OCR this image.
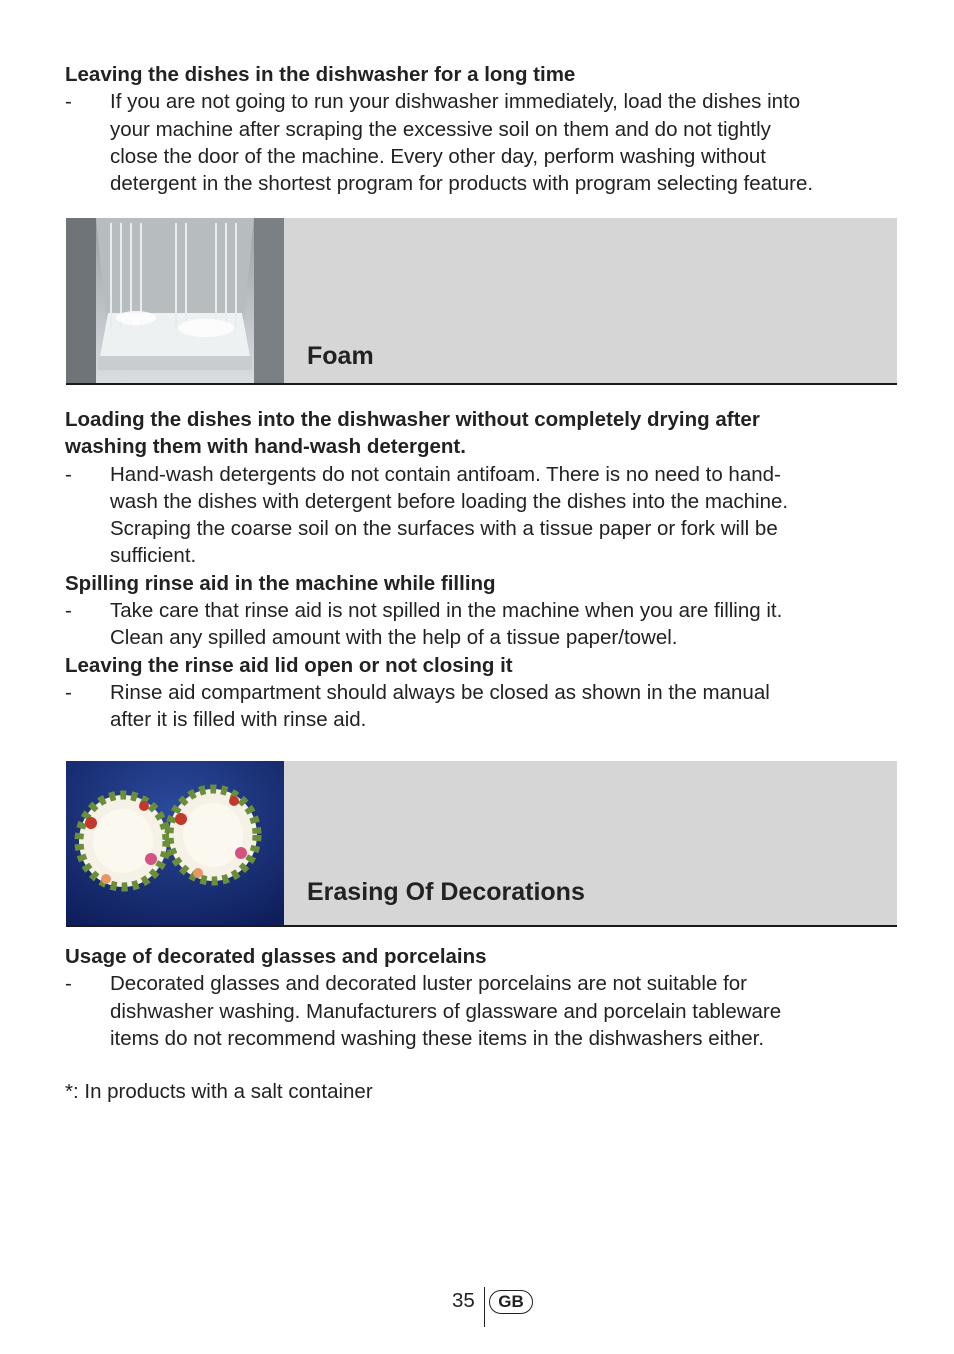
Leaving the dishes in the dishwasher for a long time

- If you are not going to run your dishwasher immediately, load the dishes into
your machine after scraping the excessive soil on them and do not tightly
close the door of the machine. Every other day, perform washing without
detergent in the shortest program for products with program selecting feature.
Foam

Loading the dishes into the dishwasher without completely drying after
washing them with hand-wash detergent.

- Hand-wash detergents do not contain antifoam. There is no need to hand-
wash the dishes with detergent before loading the dishes into the machine.
Scraping the coarse soil on the surfaces with a tissue paper or fork will be
sufficient.

Spilling rinse aid in the machine while filling

- Take care that rinse aid is not spilled in the machine when you are filling it.
Clean any spilled amount with the help of a tissue paper/towel.

Leaving the rinse aid lid open or not closing it

- Rinse aid compartment should always be closed as shown in the manual
after it is filled with rinse aid.
Erasing Of Decorations

Usage of decorated glasses and porcelains

- Decorated glasses and decorated luster porcelains are not suitable for
dishwasher washing. Manufacturers of glassware and porcelain tableware
items do not recommend washing these items in the dishwashers either.
*: In products with a salt container
35	GB
